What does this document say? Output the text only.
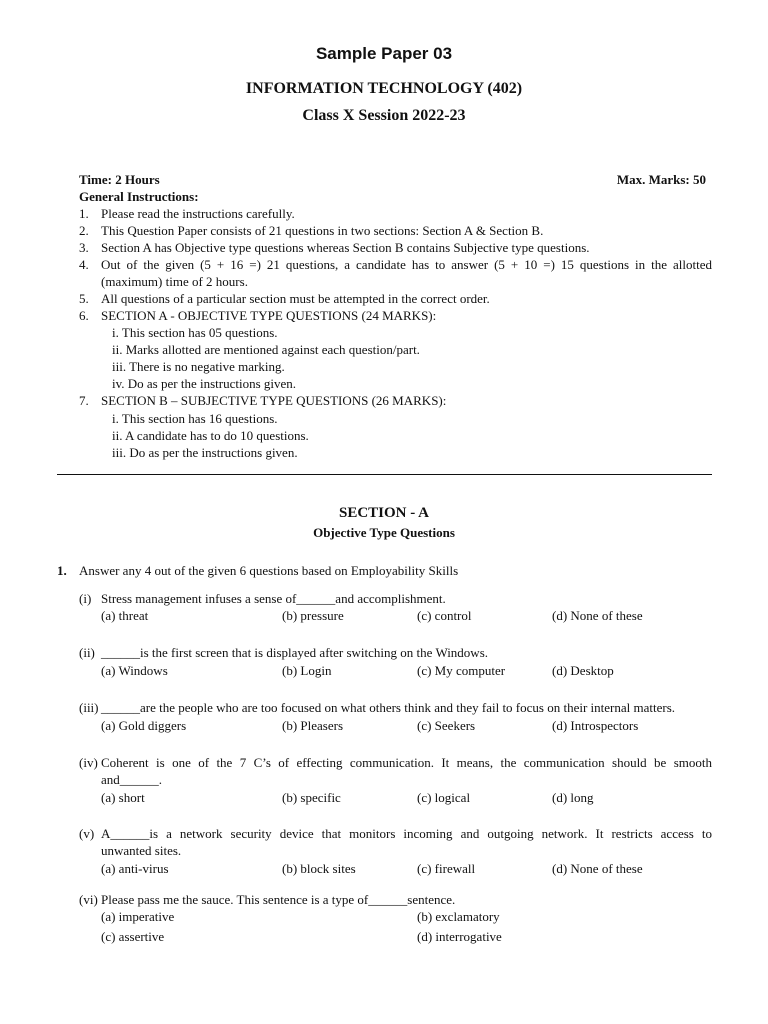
Sample Paper 03
INFORMATION TECHNOLOGY (402)
Class X Session 2022-23
Time: 2 Hours	Max. Marks: 50
General Instructions:
1. Please read the instructions carefully.
2. This Question Paper consists of 21 questions in two sections: Section A & Section B.
3. Section A has Objective type questions whereas Section B contains Subjective type questions.
4. Out of the given (5 + 16 =) 21 questions, a candidate has to answer (5 + 10 =) 15 questions in the allotted
(maximum) time of 2 hours.
5. All questions of a particular section must be attempted in the correct order.
6. SECTION A - OBJECTIVE TYPE QUESTIONS (24 MARKS):
i. This section has 05 questions.
ii. Marks allotted are mentioned against each question/part.
iii. There is no negative marking.
iv. Do as per the instructions given.
7. SECTION B – SUBJECTIVE TYPE QUESTIONS (26 MARKS):
i. This section has 16 questions.
ii. A candidate has to do 10 questions.
iii. Do as per the instructions given.
SECTION - A
Objective Type Questions
1. Answer any 4 out of the given 6 questions based on Employability Skills
(i) Stress management infuses a sense of______and accomplishment.
(a) threat	(b) pressure	(c) control	(d) None of these
(ii) ______is the first screen that is displayed after switching on the Windows.
(a) Windows	(b) Login	(c) My computer	(d) Desktop
(iii) ______are the people who are too focused on what others think and they fail to focus on their internal matters.
(a) Gold diggers	(b) Pleasers	(c) Seekers	(d) Introspectors
(iv) Coherent is one of the 7 C’s of effecting communication. It means, the communication should be smooth
and______.
(a) short	(b) specific	(c) logical	(d) long
(v) A______is a network security device that monitors incoming and outgoing network. It restricts access to
unwanted sites.
(a) anti-virus	(b) block sites	(c) firewall	(d) None of these
(vi) Please pass me the sauce. This sentence is a type of______sentence.
(a) imperative	(b) exclamatory
(c) assertive	(d) interrogative
